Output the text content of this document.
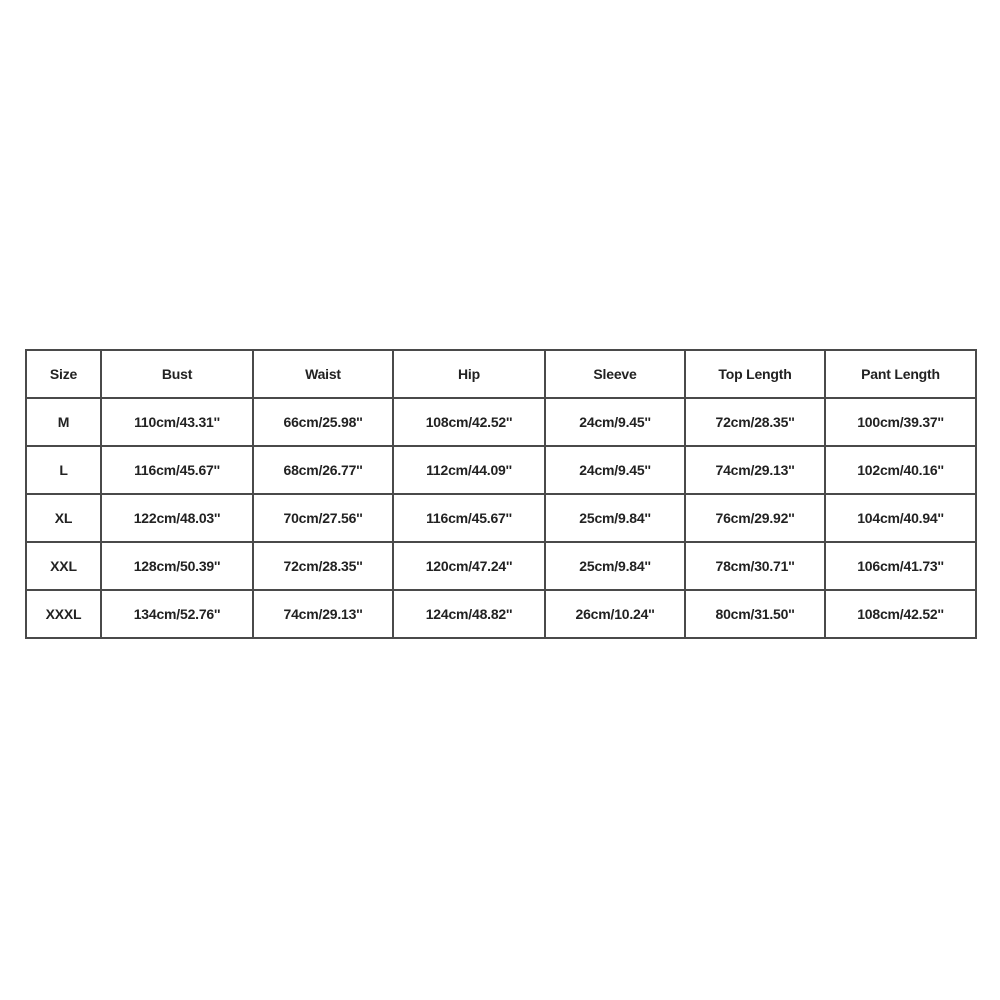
Size	Bust	Waist	Hip	Sleeve	Top Length	Pant Length
M	110cm/43.31''	66cm/25.98''	108cm/42.52''	24cm/9.45''	72cm/28.35''	100cm/39.37''
L	116cm/45.67''	68cm/26.77''	112cm/44.09''	24cm/9.45''	74cm/29.13''	102cm/40.16''
XL	122cm/48.03''	70cm/27.56''	116cm/45.67''	25cm/9.84''	76cm/29.92''	104cm/40.94''
XXL	128cm/50.39''	72cm/28.35''	120cm/47.24''	25cm/9.84''	78cm/30.71''	106cm/41.73''
XXXL	134cm/52.76''	74cm/29.13''	124cm/48.82''	26cm/10.24''	80cm/31.50''	108cm/42.52''
